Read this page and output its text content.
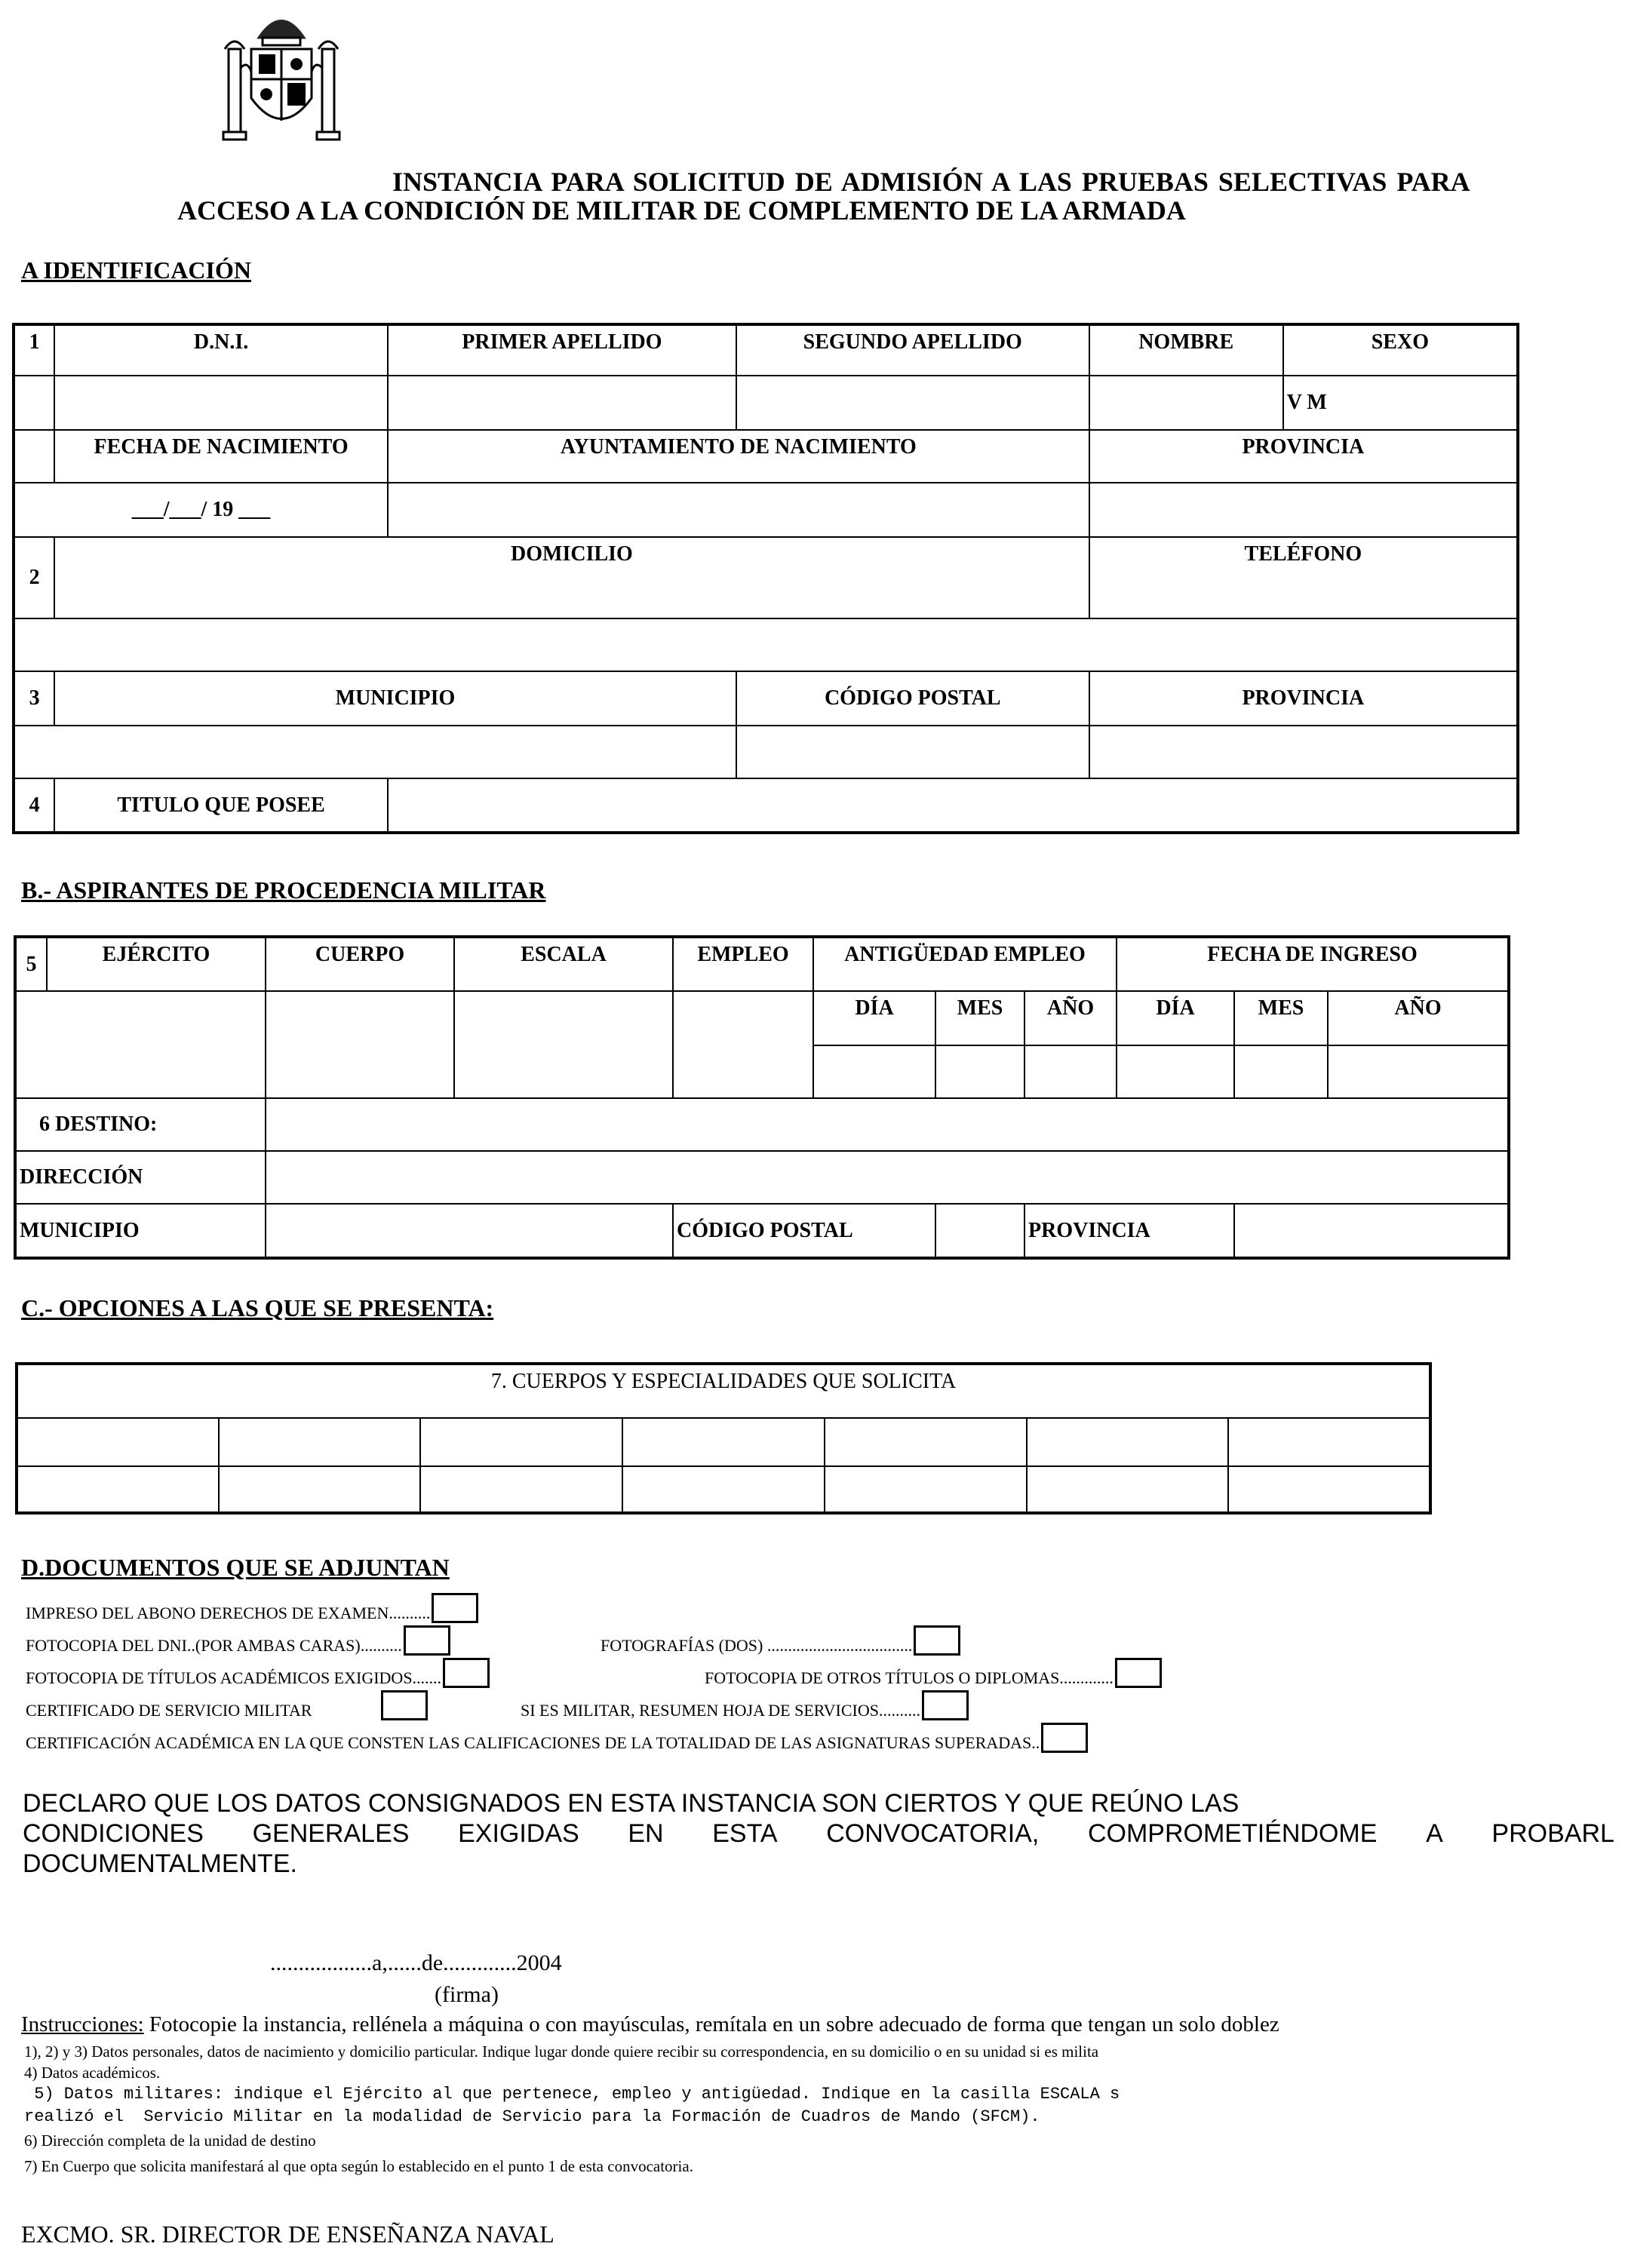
INSTANCIA PARA SOLICITUD DE ADMISIÓN A LAS PRUEBAS SELECTIVAS PARA
ACCESO A LA CONDICIÓN DE MILITAR DE COMPLEMENTO DE LA ARMADA
A IDENTIFICACIÓN
1	D.N.I.	PRIMER APELLIDO	SEGUNDO APELLIDO	NOMBRE	SEXO

				V M
	FECHA DE NACIMIENTO	AYUNTAMIENTO DE NACIMIENTO		PROVINCIA	
___/___/ 19 ___					
2	DOMICILIO			TELÉFONO	

3	MUNICIPIO		CÓDIGO POSTAL	PROVINCIA	

4	TITULO QUE POSEE				
B.- ASPIRANTES DE PROCEDENCIA MILITAR
5	EJÉRCITO	CUERPO	ESCALA	EMPLEO	ANTIGÜEDAD EMPLEO			FECHA DE INGRESO		
					DÍA	MES	AÑO	DÍA	MES	AÑO

6 DESTINO:										
DIRECCIÓN										
MUNICIPIO				CÓDIGO POSTAL			PROVINCIA			
C.- OPCIONES A LAS QUE SE PRESENTA:
7. CUERPOS Y ESPECIALIDADES QUE SOLICITA						

D.DOCUMENTOS QUE SE ADJUNTAN
IMPRESO DEL ABONO DERECHOS DE EXAMEN..........
FOTOCOPIA DEL DNI..(POR AMBAS CARAS)..........	FOTOGRAFÍAS (DOS) ...................................
FOTOCOPIA DE TÍTULOS ACADÉMICOS EXIGIDOS.......	FOTOCOPIA DE OTROS TÍTULOS O DIPLOMAS.............
CERTIFICADO DE SERVICIO MILITAR	SI ES MILITAR, RESUMEN HOJA DE SERVICIOS..........
CERTIFICACIÓN ACADÉMICA EN LA QUE CONSTEN LAS CALIFICACIONES DE LA TOTALIDAD DE LAS ASIGNATURAS SUPERADAS..
DECLARO QUE LOS DATOS CONSIGNADOS EN ESTA INSTANCIA SON CIERTOS Y QUE REÚNO LAS
CONDICIONES GENERALES EXIGIDAS EN ESTA CONVOCATORIA, COMPROMETIÉNDOME A PROBARL
DOCUMENTALMENTE.
..................a,......de.............2004
(firma)
Instrucciones: Fotocopie la instancia, rellénela a máquina o con mayúsculas, remítala en un sobre adecuado de forma que tengan un solo doblez
1), 2) y 3) Datos personales, datos de nacimiento y domicilio particular. Indique lugar donde quiere recibir su correspondencia, en su domicilio o en su unidad si es milita
4) Datos académicos.
5) Datos militares: indique el Ejército al que pertenece, empleo y antigüedad. Indique en la casilla ESCALA s
realizó el  Servicio Militar en la modalidad de Servicio para la Formación de Cuadros de Mando (SFCM).
6) Dirección completa de la unidad de destino
7) En Cuerpo que solicita manifestará al que opta según lo establecido en el punto 1 de esta convocatoria.
EXCMO. SR. DIRECTOR DE ENSEÑANZA NAVAL
